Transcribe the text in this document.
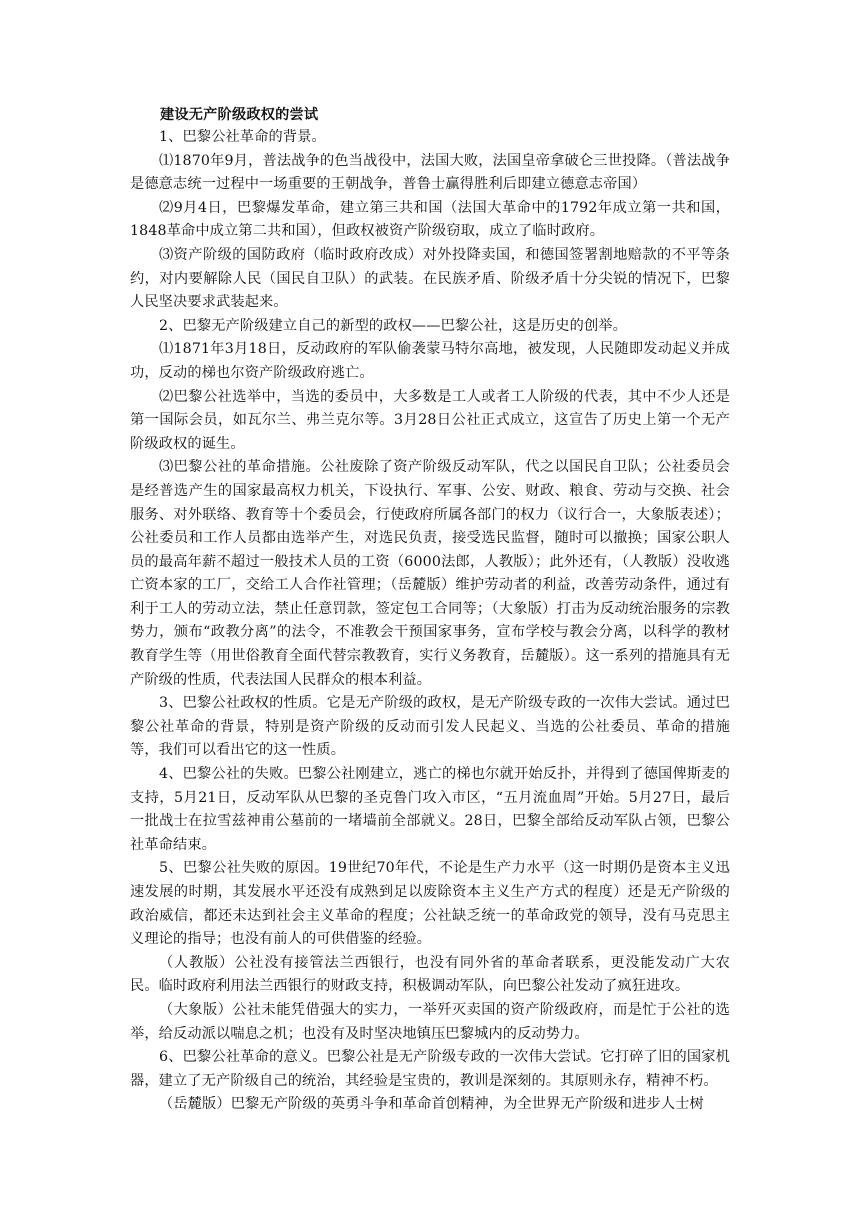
建设无产阶级政权的尝试

1、巴黎公社革命的背景。

⑴1870年9月，普法战争的色当战役中，法国大败，法国皇帝拿破仑三世投降。（普法战争是德意志统一过程中一场重要的王朝战争，普鲁士赢得胜利后即建立德意志帝国）

⑵9月4日，巴黎爆发革命，建立第三共和国（法国大革命中的1792年成立第一共和国，1848革命中成立第二共和国），但政权被资产阶级窃取，成立了临时政府。

⑶资产阶级的国防政府（临时政府改成）对外投降卖国，和德国签署割地赔款的不平等条约，对内要解除人民（国民自卫队）的武装。在民族矛盾、阶级矛盾十分尖锐的情况下，巴黎人民坚决要求武装起来。

2、巴黎无产阶级建立自己的新型的政权——巴黎公社，这是历史的创举。

⑴1871年3月18日，反动政府的军队偷袭蒙马特尔高地，被发现，人民随即发动起义并成功，反动的梯也尔资产阶级政府逃亡。

⑵巴黎公社选举中，当选的委员中，大多数是工人或者工人阶级的代表，其中不少人还是第一国际会员，如瓦尔兰、弗兰克尔等。3月28日公社正式成立，这宣告了历史上第一个无产阶级政权的诞生。

⑶巴黎公社的革命措施。公社废除了资产阶级反动军队，代之以国民自卫队；公社委员会是经普选产生的国家最高权力机关，下设执行、军事、公安、财政、粮食、劳动与交换、社会服务、对外联络、教育等十个委员会，行使政府所属各部门的权力（议行合一，大象版表述）；公社委员和工作人员都由选举产生，对选民负责，接受选民监督，随时可以撤换；国家公职人员的最高年薪不超过一般技术人员的工资（6000法郎，人教版）；此外还有，（人教版）没收逃亡资本家的工厂，交给工人合作社管理；（岳麓版）维护劳动者的利益，改善劳动条件，通过有利于工人的劳动立法，禁止任意罚款，签定包工合同等；（大象版）打击为反动统治服务的宗教势力，颁布“政教分离”的法令，不准教会干预国家事务，宣布学校与教会分离，以科学的教材教育学生等（用世俗教育全面代替宗教教育，实行义务教育，岳麓版）。这一系列的措施具有无产阶级的性质，代表法国人民群众的根本利益。

3、巴黎公社政权的性质。它是无产阶级的政权，是无产阶级专政的一次伟大尝试。通过巴黎公社革命的背景，特别是资产阶级的反动而引发人民起义、当选的公社委员、革命的措施等，我们可以看出它的这一性质。

4、巴黎公社的失败。巴黎公社刚建立，逃亡的梯也尔就开始反扑，并得到了德国俾斯麦的支持，5月21日，反动军队从巴黎的圣克鲁门攻入市区，“五月流血周”开始。5月27日，最后一批战士在拉雪兹神甫公墓前的一堵墙前全部就义。28日，巴黎全部给反动军队占领，巴黎公社革命结束。

5、巴黎公社失败的原因。19世纪70年代，不论是生产力水平（这一时期仍是资本主义迅速发展的时期，其发展水平还没有成熟到足以废除资本主义生产方式的程度）还是无产阶级的政治威信，都还未达到社会主义革命的程度；公社缺乏统一的革命政党的领导，没有马克思主义理论的指导；也没有前人的可供借鉴的经验。

（人教版）公社没有接管法兰西银行，也没有同外省的革命者联系，更没能发动广大农民。临时政府利用法兰西银行的财政支持，积极调动军队，向巴黎公社发动了疯狂进攻。

（大象版）公社未能凭借强大的实力，一举歼灭卖国的资产阶级政府，而是忙于公社的选举，给反动派以喘息之机；也没有及时坚决地镇压巴黎城内的反动势力。

6、巴黎公社革命的意义。巴黎公社是无产阶级专政的一次伟大尝试。它打碎了旧的国家机器，建立了无产阶级自己的统治，其经验是宝贵的，教训是深刻的。其原则永存，精神不朽。

（岳麓版）巴黎无产阶级的英勇斗争和革命首创精神，为全世界无产阶级和进步人士树
